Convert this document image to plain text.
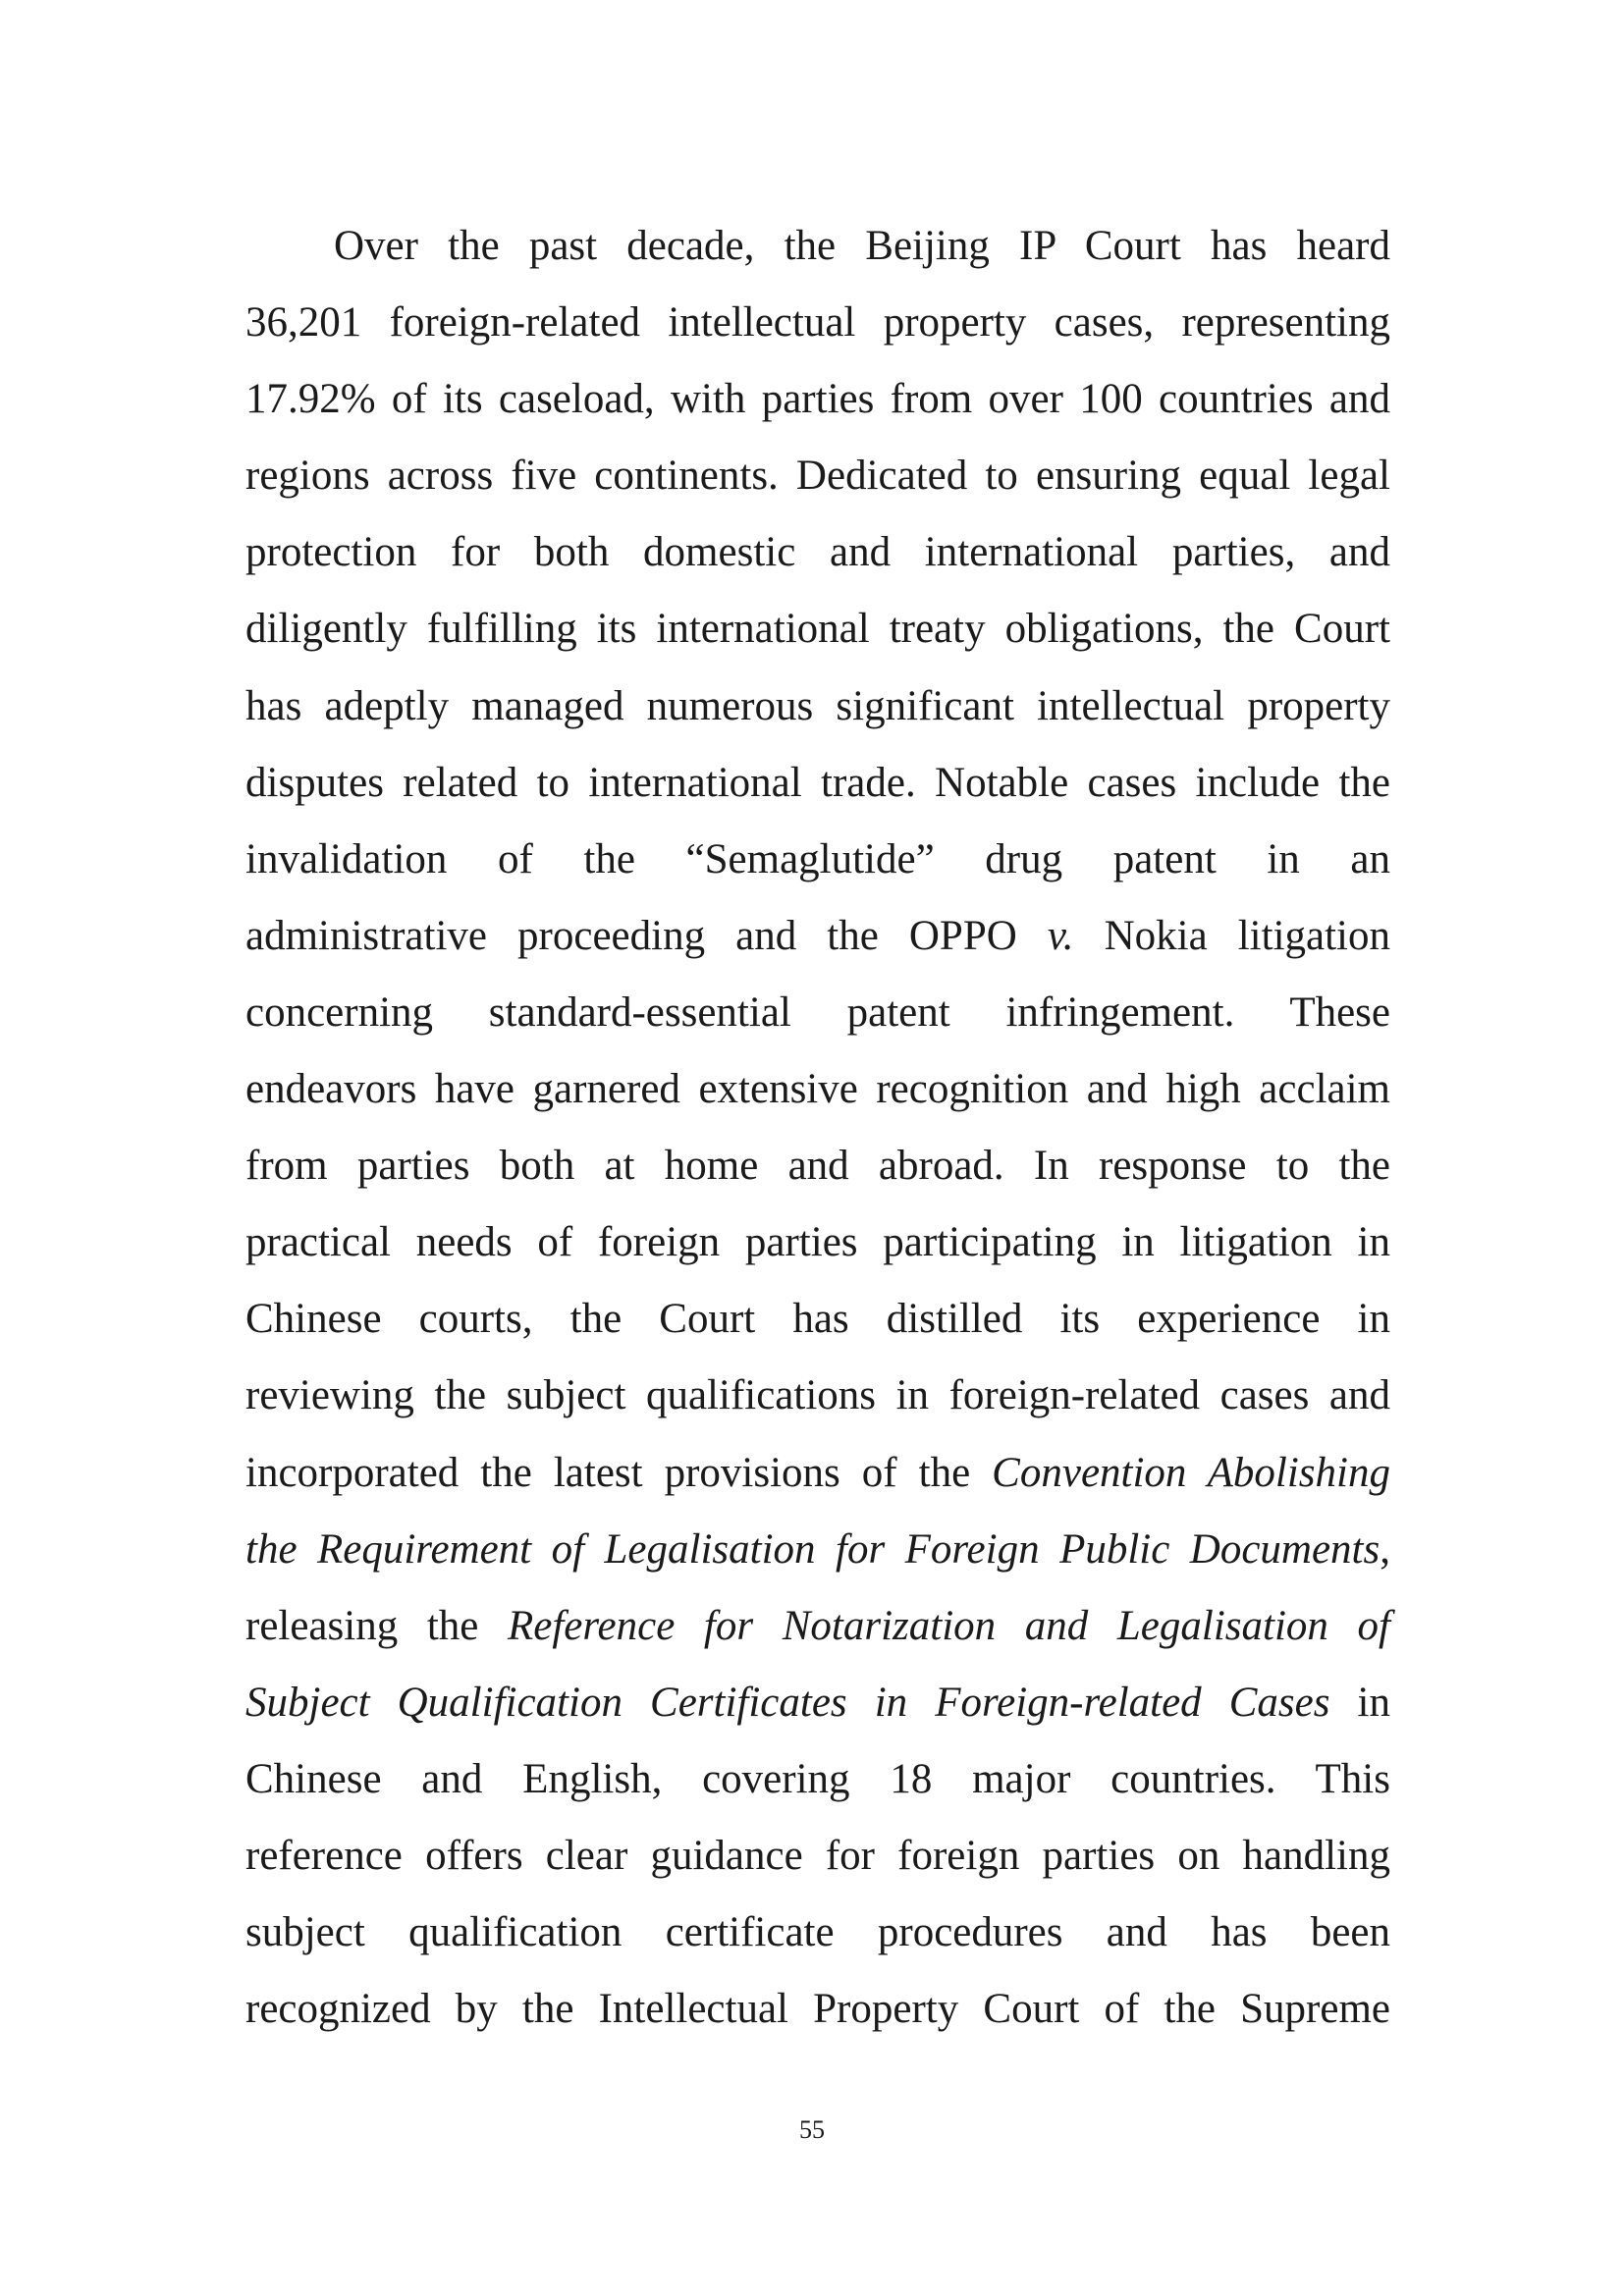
Over the past decade, the Beijing IP Court has heard
36,201 foreign-related intellectual property cases, representing
17.92% of its caseload, with parties from over 100 countries and
regions across five continents. Dedicated to ensuring equal legal
protection for both domestic and international parties, and
diligently fulfilling its international treaty obligations, the Court
has adeptly managed numerous significant intellectual property
disputes related to international trade. Notable cases include the
invalidation of the “Semaglutide” drug patent in an
administrative proceeding and the OPPO v. Nokia litigation
concerning standard-essential patent infringement. These
endeavors have garnered extensive recognition and high acclaim
from parties both at home and abroad. In response to the
practical needs of foreign parties participating in litigation in
Chinese courts, the Court has distilled its experience in
reviewing the subject qualifications in foreign-related cases and
incorporated the latest provisions of the Convention Abolishing
the Requirement of Legalisation for Foreign Public Documents,
releasing the Reference for Notarization and Legalisation of
Subject Qualification Certificates in Foreign-related Cases in
Chinese and English, covering 18 major countries. This
reference offers clear guidance for foreign parties on handling
subject qualification certificate procedures and has been
recognized by the Intellectual Property Court of the Supreme
55
